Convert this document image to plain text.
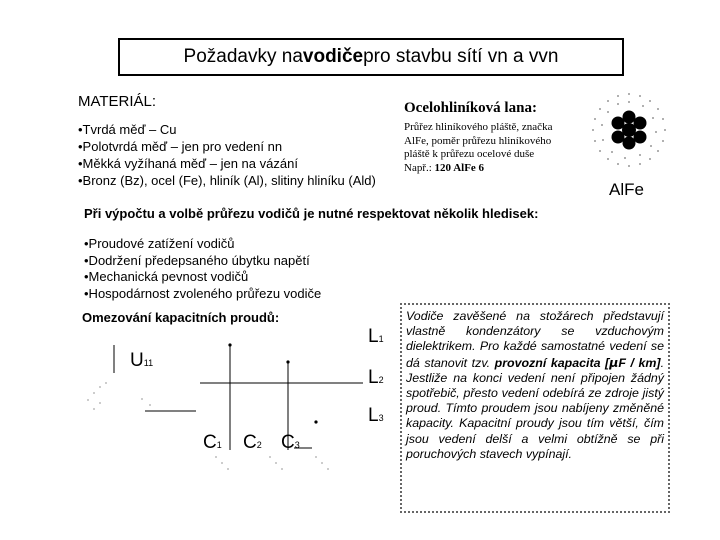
Požadavky na vodiče pro stavbu sítí vn a vvn
MATERIÁL:
•Tvrdá měď – Cu
•Polotvrdá měď – jen pro vedení nn
•Měkká vyžíhaná měď – jen na vázání
•Bronz (Bz), ocel (Fe), hliník (Al), slitiny hliníku (Ald)
Ocelohliníková lana:
Průřez hliníkového pláště, značka AlFe, poměr průřezu hliníkového pláště k průřezu ocelové duše
Např.: 120 AlFe 6
AlFe
Při výpočtu a volbě průřezu vodičů je nutné respektovat několik hledisek:
•Proudové zatížení vodičů
•Dodržení předepsaného úbytku napětí
•Mechanická pevnost vodičů
•Hospodárnost zvoleného průřezu vodiče
Omezování kapacitních proudů:
L1
L2
L3
U11
C1 C2 C3
Vodiče zavěšené na stožárech představují vlastně kondenzátory se vzduchovým dielektrikem. Pro každé samostatné vedení se dá stanovit tzv. provozní kapacita [μF / km]. Jestliže na konci vedení není připojen žádný spotřebič, přesto vedení odebírá ze zdroje jistý proud. Tímto proudem jsou nabíjeny změněné kapacity. Kapacitní proudy jsou tím větší, čím jsou vedení delší a velmi obtížně se při poruchových stavech vypínají.
